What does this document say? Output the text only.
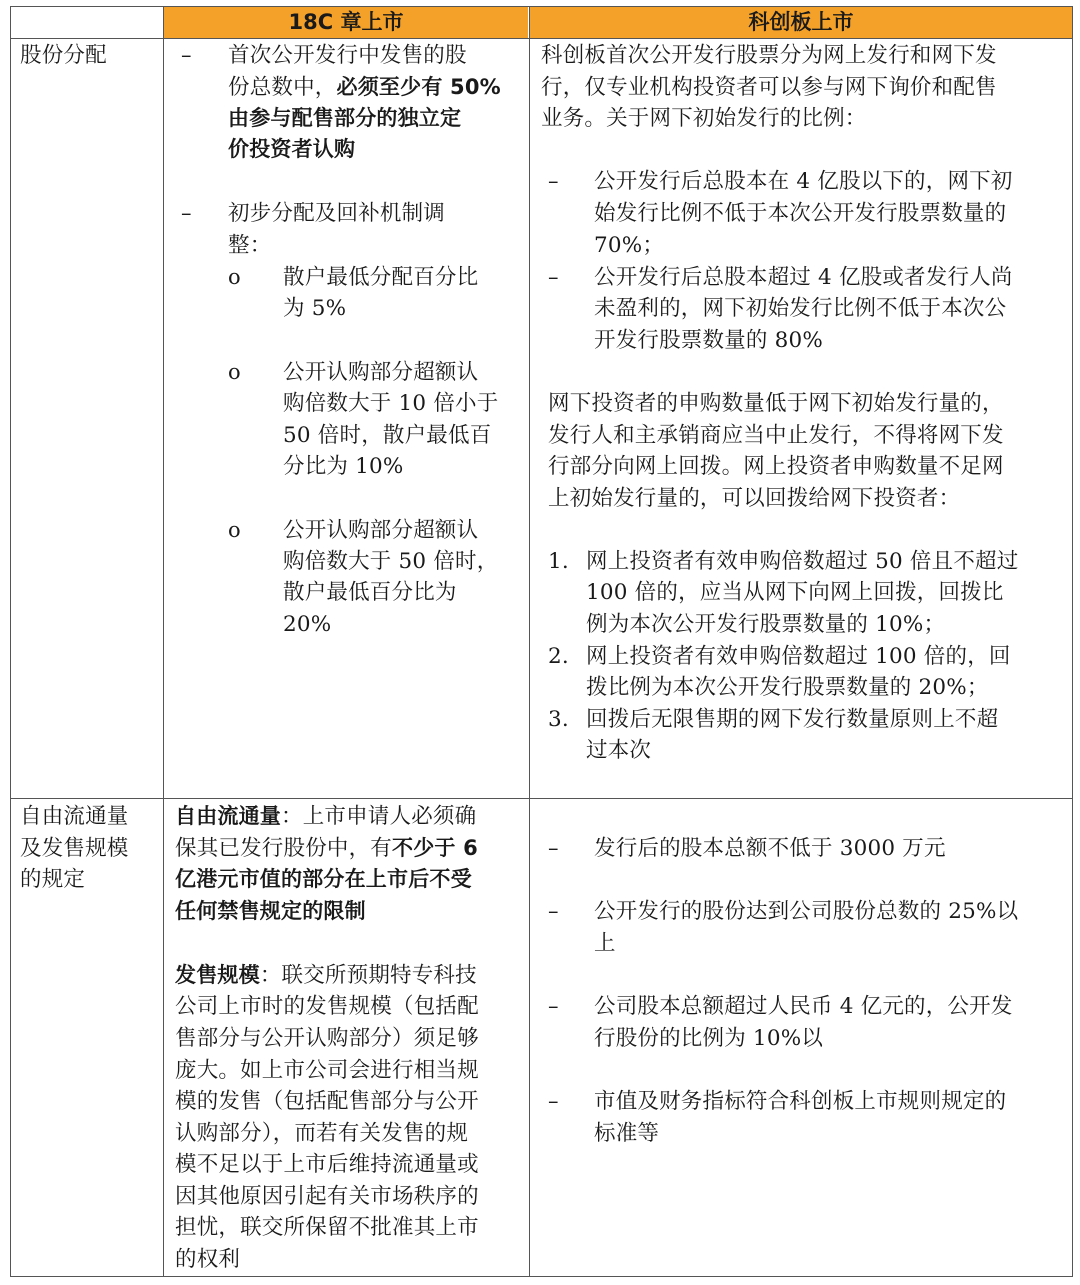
18C 章上市	科创板上市
股份分配	– 首次公开发行中发售的股
份总数中，必须至少有 50%
由参与配售部分的独立定
价投资者认购
– 初步分配及回补机制调
整：
o 散户最低分配百分比
为 5%
o 公开认购部分超额认
购倍数大于 10 倍小于
50 倍时，散户最低百
分比为 10%
o 公开认购部分超额认
购倍数大于 50 倍时，
散户最低百分比为
20%
科创板首次公开发行股票分为网上发行和网下发
行，仅专业机构投资者可以参与网下询价和配售
业务。关于网下初始发行的比例：
– 公开发行后总股本在 4 亿股以下的，网下初
始发行比例不低于本次公开发行股票数量的
70%；
– 公开发行后总股本超过 4 亿股或者发行人尚
未盈利的，网下初始发行比例不低于本次公
开发行股票数量的 80%
网下投资者的申购数量低于网下初始发行量的，
发行人和主承销商应当中止发行，不得将网下发
行部分向网上回拨。网上投资者申购数量不足网
上初始发行量的，可以回拨给网下投资者：
1. 网上投资者有效申购倍数超过 50 倍且不超过
100 倍的，应当从网下向网上回拨，回拨比
例为本次公开发行股票数量的 10%；
2. 网上投资者有效申购倍数超过 100 倍的，回
拨比例为本次公开发行股票数量的 20%；
3. 回拨后无限售期的网下发行数量原则上不超
过本次
自由流通量
及发售规模
的规定
自由流通量：上市申请人必须确
保其已发行股份中，有不少于 6
亿港元市值的部分在上市后不受
任何禁售规定的限制
发售规模：联交所预期特专科技
公司上市时的发售规模（包括配
售部分与公开认购部分）须足够
庞大。如上市公司会进行相当规
模的发售（包括配售部分与公开
认购部分），而若有关发售的规
模不足以于上市后维持流通量或
因其他原因引起有关市场秩序的
担忧，联交所保留不批准其上市
的权利
– 发行后的股本总额不低于 3000 万元
– 公开发行的股份达到公司股份总数的 25%以
上
– 公司股本总额超过人民币 4 亿元的，公开发
行股份的比例为 10%以
– 市值及财务指标符合科创板上市规则规定的
标准等
